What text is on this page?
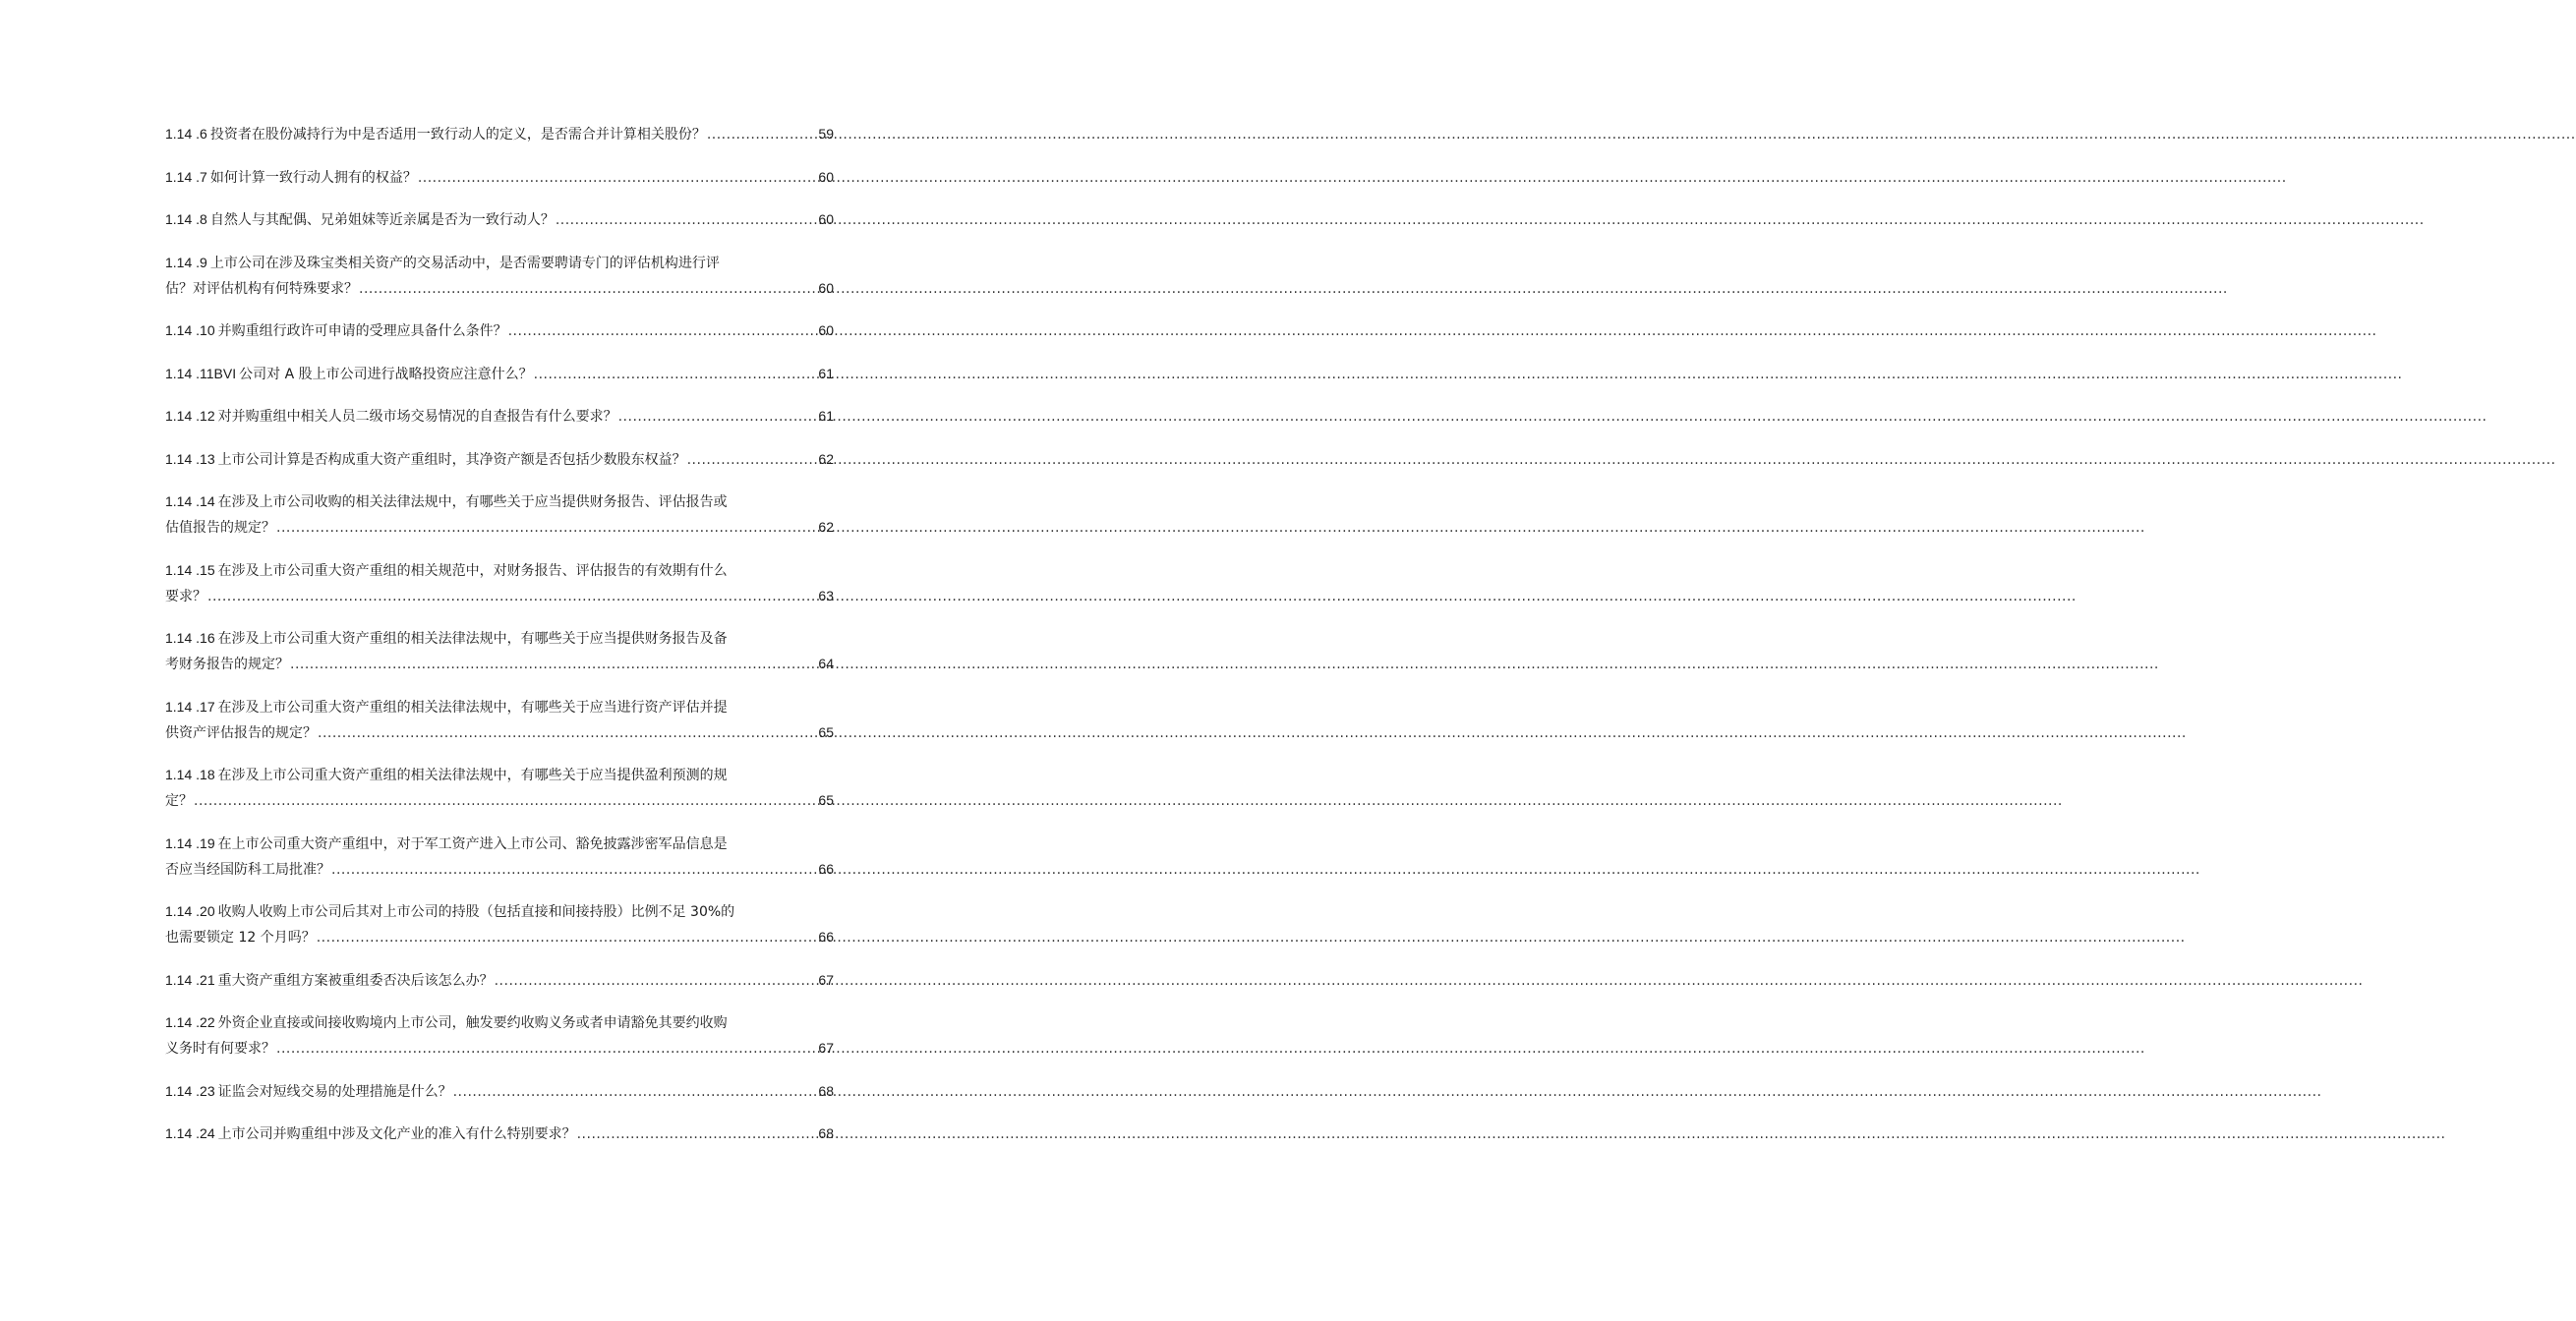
1.14 .6 投资者在股份减持行为中是否适用一致行动人的定义，是否需合并计算相关股份？ .....	59
1.14 .7 如何计算一致行动人拥有的权益？ .....	60
1.14 .8 自然人与其配偶、兄弟姐妹等近亲属是否为一致行动人？ .....	60
1.14 .9 上市公司在涉及珠宝类相关资产的交易活动中，是否需要聘请专门的评估机构进行评
估？对评估机构有何特殊要求？ .....	60
1.14 .10 并购重组行政许可申请的受理应具备什么条件？ .....	60
1.14 .11BVI 公司对 A 股上市公司进行战略投资应注意什么？ .....	61
1.14 .12 对并购重组中相关人员二级市场交易情况的自查报告有什么要求？ .....	61
1.14 .13 上市公司计算是否构成重大资产重组时，其净资产额是否包括少数股东权益？ .....	62
1.14 .14 在涉及上市公司收购的相关法律法规中，有哪些关于应当提供财务报告、评估报告或
估值报告的规定？ .....	62
1.14 .15 在涉及上市公司重大资产重组的相关规范中，对财务报告、评估报告的有效期有什么
要求？ .....	63
1.14 .16 在涉及上市公司重大资产重组的相关法律法规中，有哪些关于应当提供财务报告及备
考财务报告的规定？ .....	64
1.14 .17 在涉及上市公司重大资产重组的相关法律法规中，有哪些关于应当进行资产评估并提
供资产评估报告的规定？ .....	65
1.14 .18 在涉及上市公司重大资产重组的相关法律法规中，有哪些关于应当提供盈利预测的规
定？ .....	65
1.14 .19 在上市公司重大资产重组中，对于军工资产进入上市公司、豁免披露涉密军品信息是
否应当经国防科工局批准？ .....	66
1.14 .20 收购人收购上市公司后其对上市公司的持股（包括直接和间接持股）比例不足 30%的
也需要锁定 12 个月吗？ .....	66
1.14 .21 重大资产重组方案被重组委否决后该怎么办？ .....	67
1.14 .22 外资企业直接或间接收购境内上市公司，触发要约收购义务或者申请豁免其要约收购
义务时有何要求？ .....	67
1.14 .23 证监会对短线交易的处理措施是什么？ .....	68
1.14 .24 上市公司并购重组中涉及文化产业的准入有什么特别要求？ .....	68
